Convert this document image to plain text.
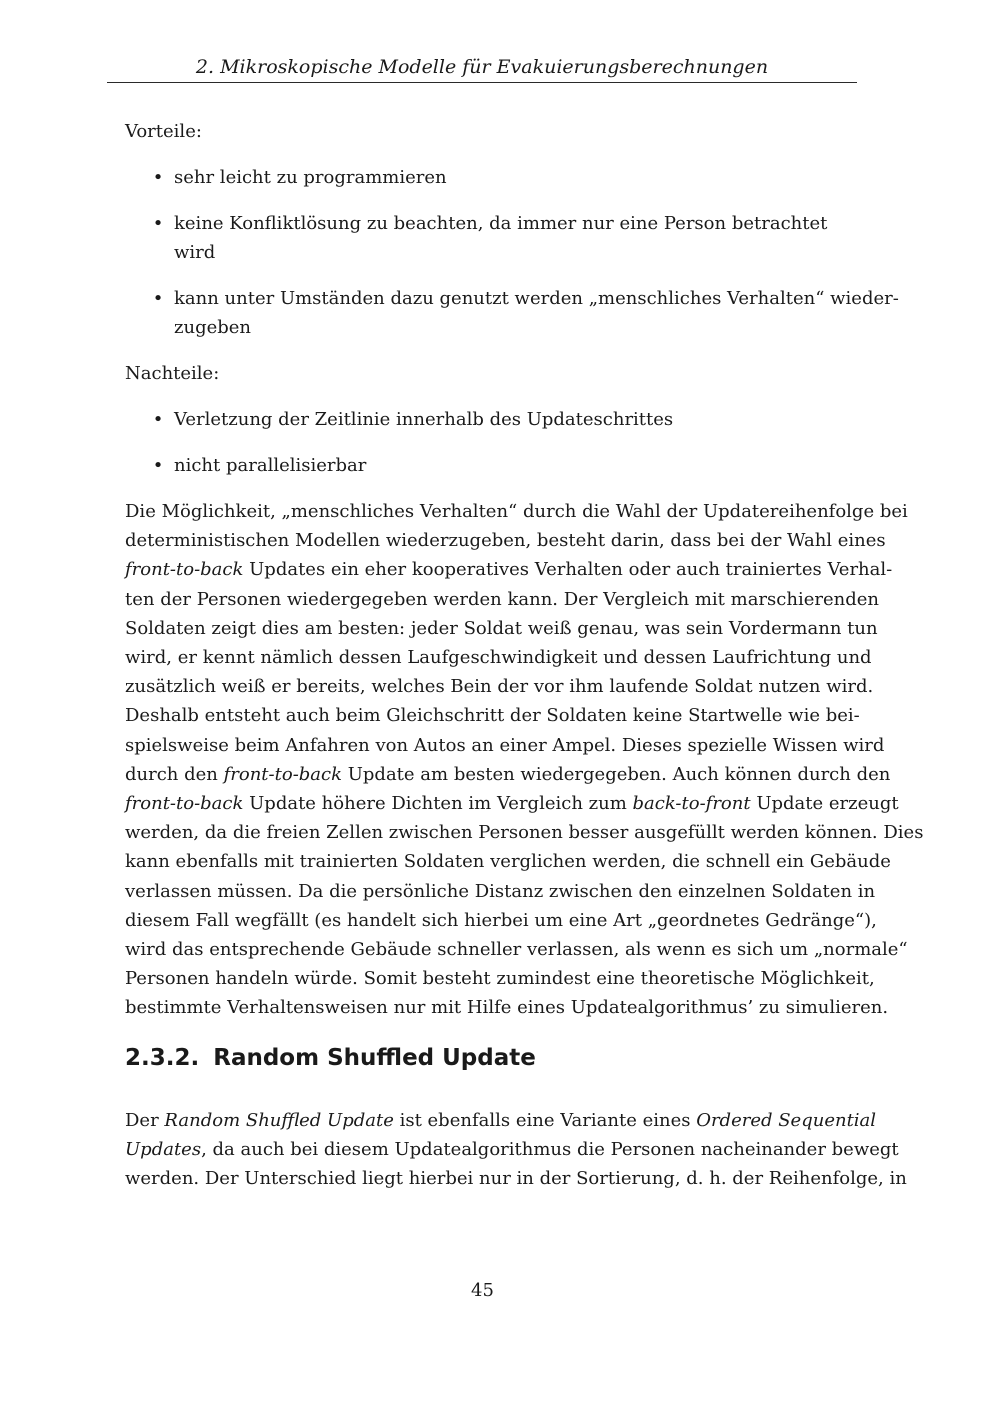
2. Mikroskopische Modelle für Evakuierungsberechnungen

Vorteile:

• sehr leicht zu programmieren
• keine Konfliktlösung zu beachten, da immer nur eine Person betrachtet wird
• kann unter Umständen dazu genutzt werden „menschliches Verhalten“ wieder-
zugeben

Nachteile:

• Verletzung der Zeitlinie innerhalb des Updateschrittes
• nicht parallelisierbar
Die Möglichkeit, „menschliches Verhalten“ durch die Wahl der Updatereihenfolge bei
deterministischen Modellen wiederzugeben, besteht darin, dass bei der Wahl eines
front-to-back Updates ein eher kooperatives Verhalten oder auch trainiertes Verhal-
ten der Personen wiedergegeben werden kann. Der Vergleich mit marschierenden
Soldaten zeigt dies am besten: jeder Soldat weiß genau, was sein Vordermann tun
wird, er kennt nämlich dessen Laufgeschwindigkeit und dessen Laufrichtung und
zusätzlich weiß er bereits, welches Bein der vor ihm laufende Soldat nutzen wird.
Deshalb entsteht auch beim Gleichschritt der Soldaten keine Startwelle wie bei-
spielsweise beim Anfahren von Autos an einer Ampel. Dieses spezielle Wissen wird
durch den front-to-back Update am besten wiedergegeben. Auch können durch den
front-to-back Update höhere Dichten im Vergleich zum back-to-front Update erzeugt
werden, da die freien Zellen zwischen Personen besser ausgefüllt werden können. Dies
kann ebenfalls mit trainierten Soldaten verglichen werden, die schnell ein Gebäude
verlassen müssen. Da die persönliche Distanz zwischen den einzelnen Soldaten in
diesem Fall wegfällt (es handelt sich hierbei um eine Art „geordnetes Gedränge“),
wird das entsprechende Gebäude schneller verlassen, als wenn es sich um „normale“
Personen handeln würde. Somit besteht zumindest eine theoretische Möglichkeit,
bestimmte Verhaltensweisen nur mit Hilfe eines Updatealgorithmus’ zu simulieren.
2.3.2. Random Shuffled Update
Der Random Shuffled Update ist ebenfalls eine Variante eines Ordered Sequential
Updates, da auch bei diesem Updatealgorithmus die Personen nacheinander bewegt
werden. Der Unterschied liegt hierbei nur in der Sortierung, d. h. der Reihenfolge, in
45
